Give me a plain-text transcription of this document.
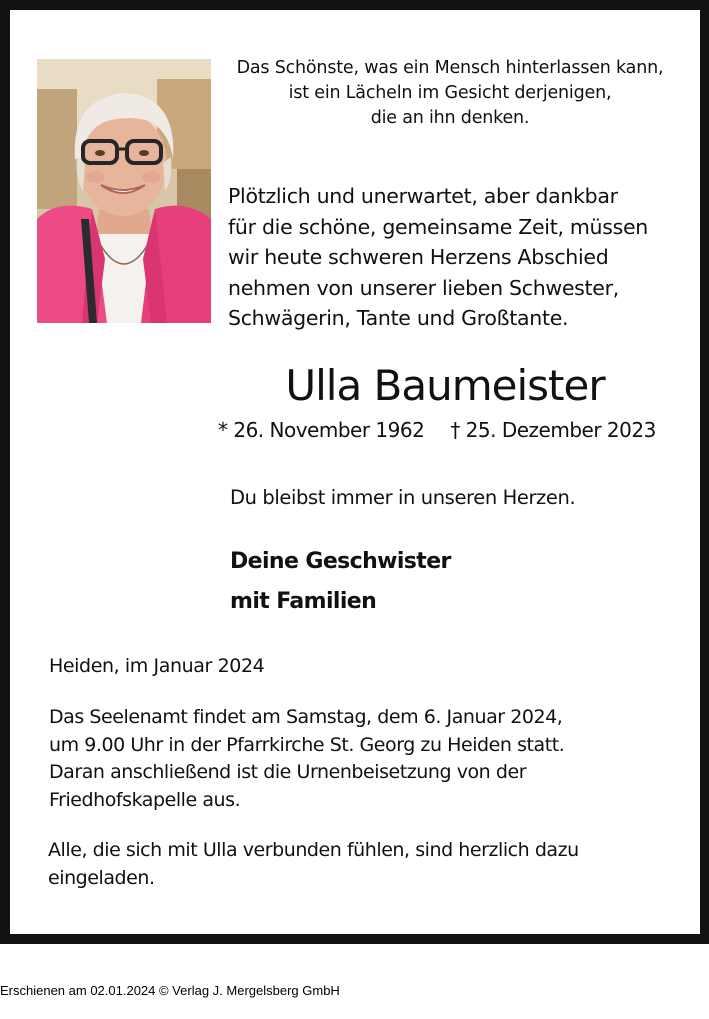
Das Schönste, was ein Mensch hinterlassen kann,
ist ein Lächeln im Gesicht derjenigen,
die an ihn denken.
Plötzlich und unerwartet, aber dankbar
für die schöne, gemeinsame Zeit, müssen
wir heute schweren Herzens Abschied
nehmen von unserer lieben Schwester,
Schwägerin, Tante und Großtante.
Ulla Baumeister
* 26. November 1962 † 25. Dezember 2023
Du bleibst immer in unseren Herzen.
Deine Geschwister
mit Familien
Heiden, im Januar 2024
Das Seelenamt findet am Samstag, dem 6. Januar 2024,
um 9.00 Uhr in der Pfarrkirche St. Georg zu Heiden statt.
Daran anschließend ist die Urnenbeisetzung von der
Friedhofskapelle aus.
Alle, die sich mit Ulla verbunden fühlen, sind herzlich dazu
eingeladen.
Erschienen am 02.01.2024 © Verlag J. Mergelsberg GmbH
